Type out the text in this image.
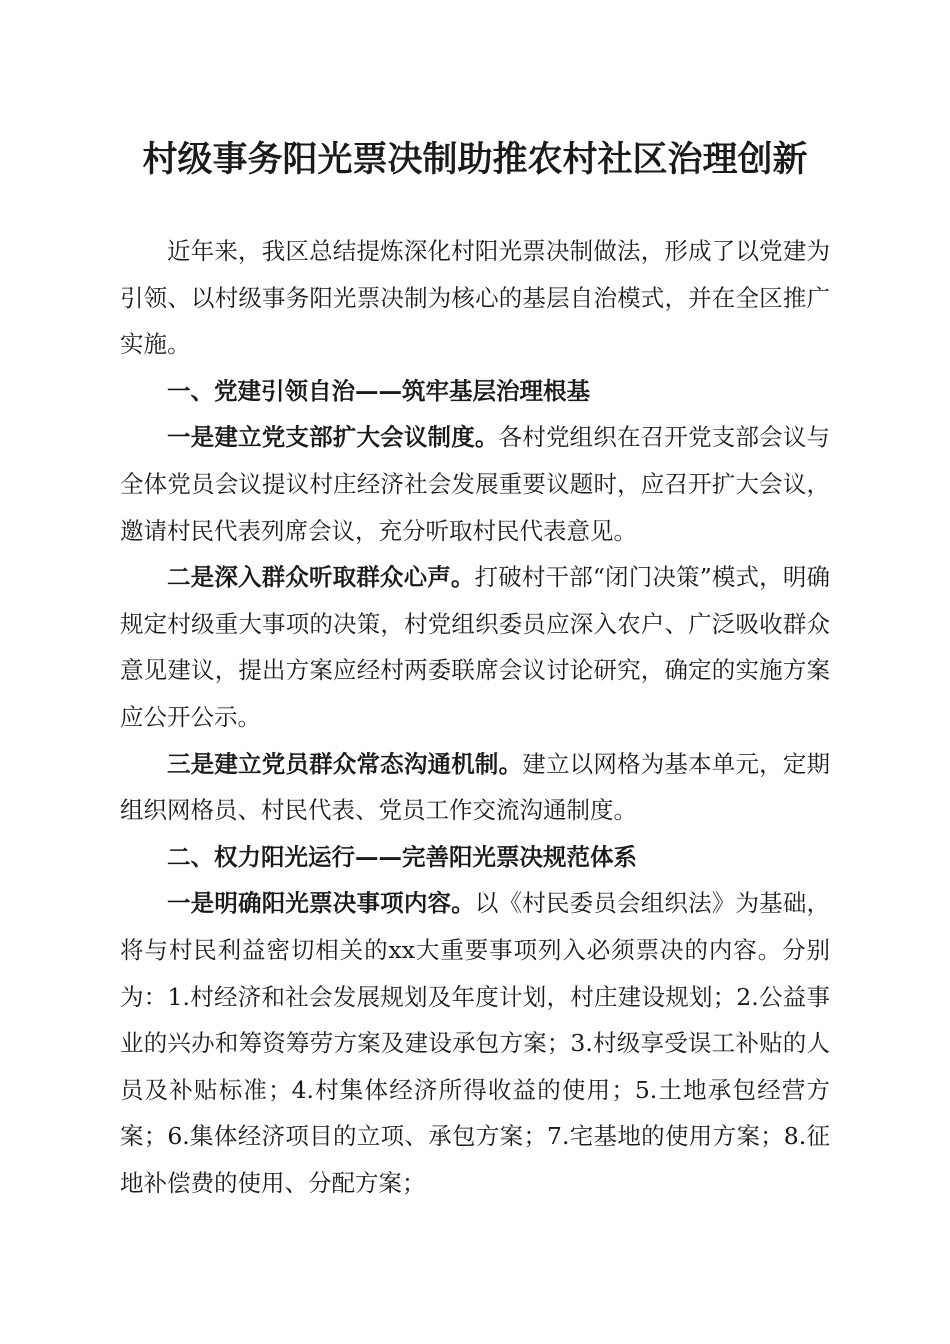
村级事务阳光票决制助推农村社区治理创新

近年来，我区总结提炼深化村阳光票决制做法，形成了以党建为引领、以村级事务阳光票决制为核心的基层自治模式，并在全区推广实施。

一、党建引领自治——筑牢基层治理根基

一是建立党支部扩大会议制度。各村党组织在召开党支部会议与全体党员会议提议村庄经济社会发展重要议题时，应召开扩大会议，邀请村民代表列席会议，充分听取村民代表意见。

二是深入群众听取群众心声。打破村干部“闭门决策”模式，明确规定村级重大事项的决策，村党组织委员应深入农户、广泛吸收群众意见建议，提出方案应经村两委联席会议讨论研究，确定的实施方案应公开公示。

三是建立党员群众常态沟通机制。建立以网格为基本单元，定期组织网格员、村民代表、党员工作交流沟通制度。

二、权力阳光运行——完善阳光票决规范体系

一是明确阳光票决事项内容。以《村民委员会组织法》为基础，将与村民利益密切相关的xx大重要事项列入必须票决的内容。分别为：1.村经济和社会发展规划及年度计划，村庄建设规划；2.公益事业的兴办和筹资筹劳方案及建设承包方案；3.村级享受误工补贴的人员及补贴标准；4.村集体经济所得收益的使用；5.土地承包经营方案；6.集体经济项目的立项、承包方案；7.宅基地的使用方案；8.征地补偿费的使用、分配方案；
